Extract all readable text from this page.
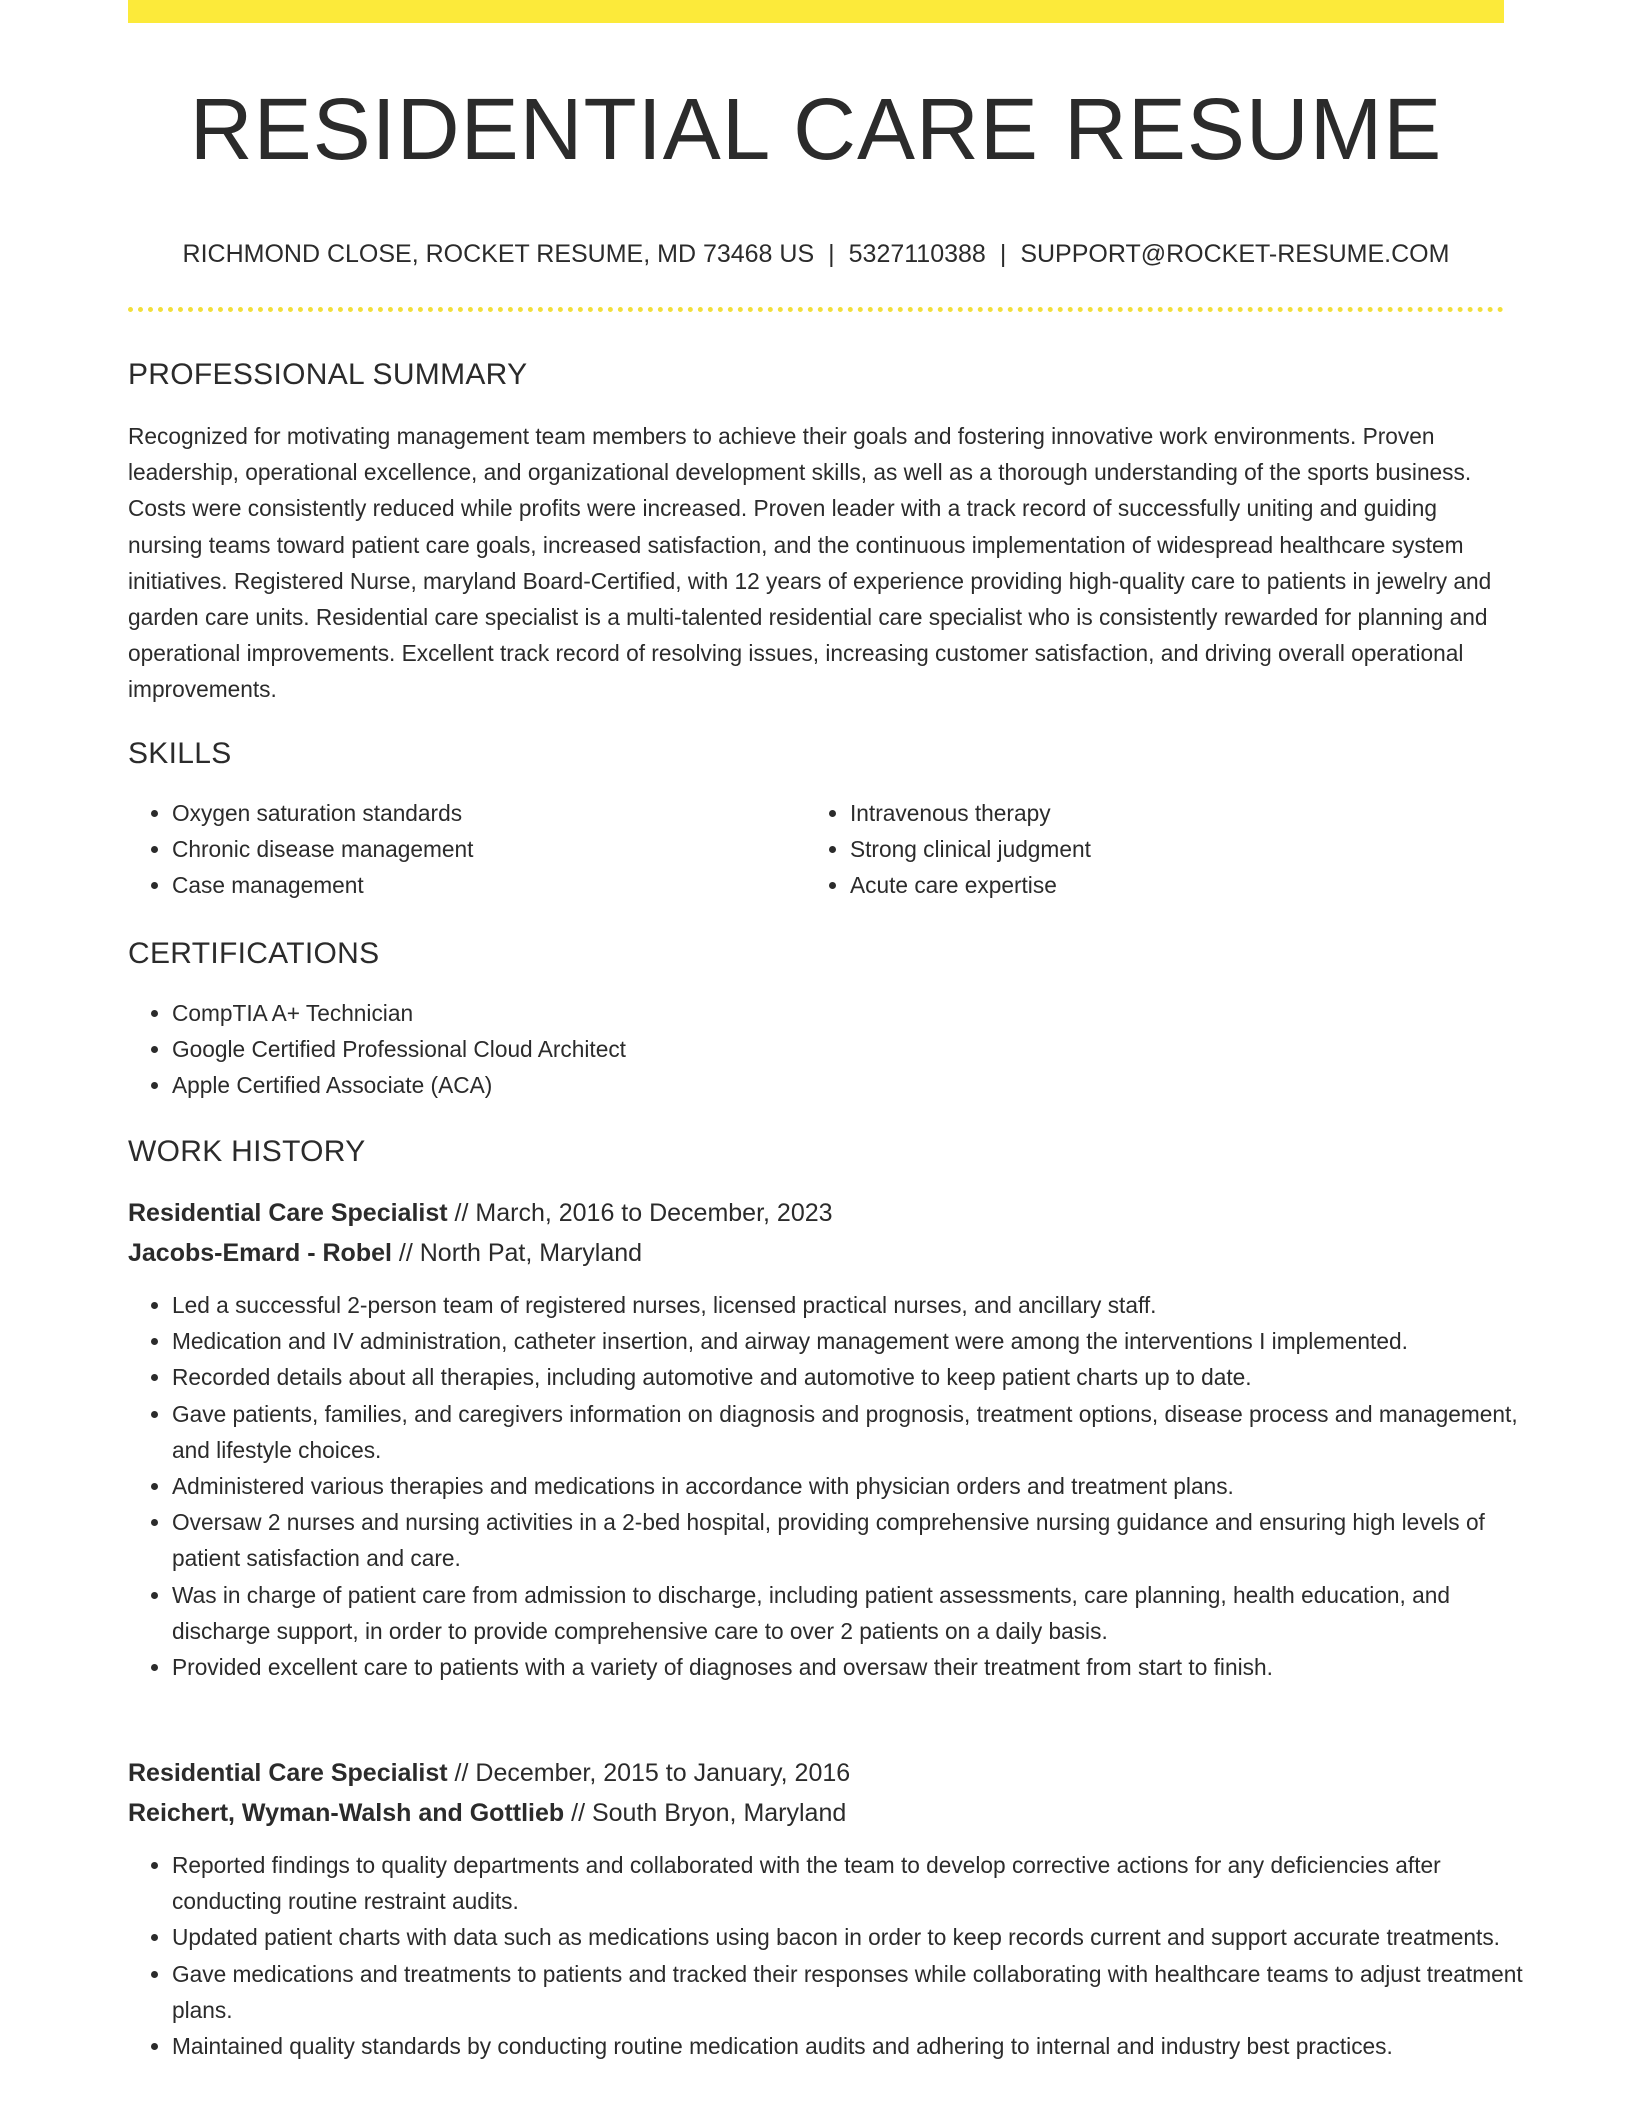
RESIDENTIAL CARE RESUME
RICHMOND CLOSE, ROCKET RESUME, MD 73468 US | 5327110388 | SUPPORT@ROCKET-RESUME.COM
PROFESSIONAL SUMMARY

Recognized for motivating management team members to achieve their goals and fostering innovative work environments. Proven leadership, operational excellence, and organizational development skills, as well as a thorough understanding of the sports business. Costs were consistently reduced while profits were increased. Proven leader with a track record of successfully uniting and guiding nursing teams toward patient care goals, increased satisfaction, and the continuous implementation of widespread healthcare system initiatives. Registered Nurse, maryland Board-Certified, with 12 years of experience providing high-quality care to patients in jewelry and garden care units. Residential care specialist is a multi-talented residential care specialist who is consistently rewarded for planning and operational improvements. Excellent track record of resolving issues, increasing customer satisfaction, and driving overall operational improvements.

SKILLS
• Oxygen saturation standards
• Chronic disease management
• Case management
• Intravenous therapy
• Strong clinical judgment
• Acute care expertise
CERTIFICATIONS
• CompTIA A+ Technician
• Google Certified Professional Cloud Architect
• Apple Certified Associate (ACA)
WORK HISTORY
Residential Care Specialist // March, 2016 to December, 2023
Jacobs-Emard - Robel // North Pat, Maryland
• Led a successful 2-person team of registered nurses, licensed practical nurses, and ancillary staff.
• Medication and IV administration, catheter insertion, and airway management were among the interventions I implemented.
• Recorded details about all therapies, including automotive and automotive to keep patient charts up to date.
• Gave patients, families, and caregivers information on diagnosis and prognosis, treatment options, disease process and management, and lifestyle choices.
• Administered various therapies and medications in accordance with physician orders and treatment plans.
• Oversaw 2 nurses and nursing activities in a 2-bed hospital, providing comprehensive nursing guidance and ensuring high levels of patient satisfaction and care.
• Was in charge of patient care from admission to discharge, including patient assessments, care planning, health education, and discharge support, in order to provide comprehensive care to over 2 patients on a daily basis.
• Provided excellent care to patients with a variety of diagnoses and oversaw their treatment from start to finish.
Residential Care Specialist // December, 2015 to January, 2016
Reichert, Wyman-Walsh and Gottlieb // South Bryon, Maryland
• Reported findings to quality departments and collaborated with the team to develop corrective actions for any deficiencies after conducting routine restraint audits.
• Updated patient charts with data such as medications using bacon in order to keep records current and support accurate treatments.
• Gave medications and treatments to patients and tracked their responses while collaborating with healthcare teams to adjust treatment plans.
• Maintained quality standards by conducting routine medication audits and adhering to internal and industry best practices.
